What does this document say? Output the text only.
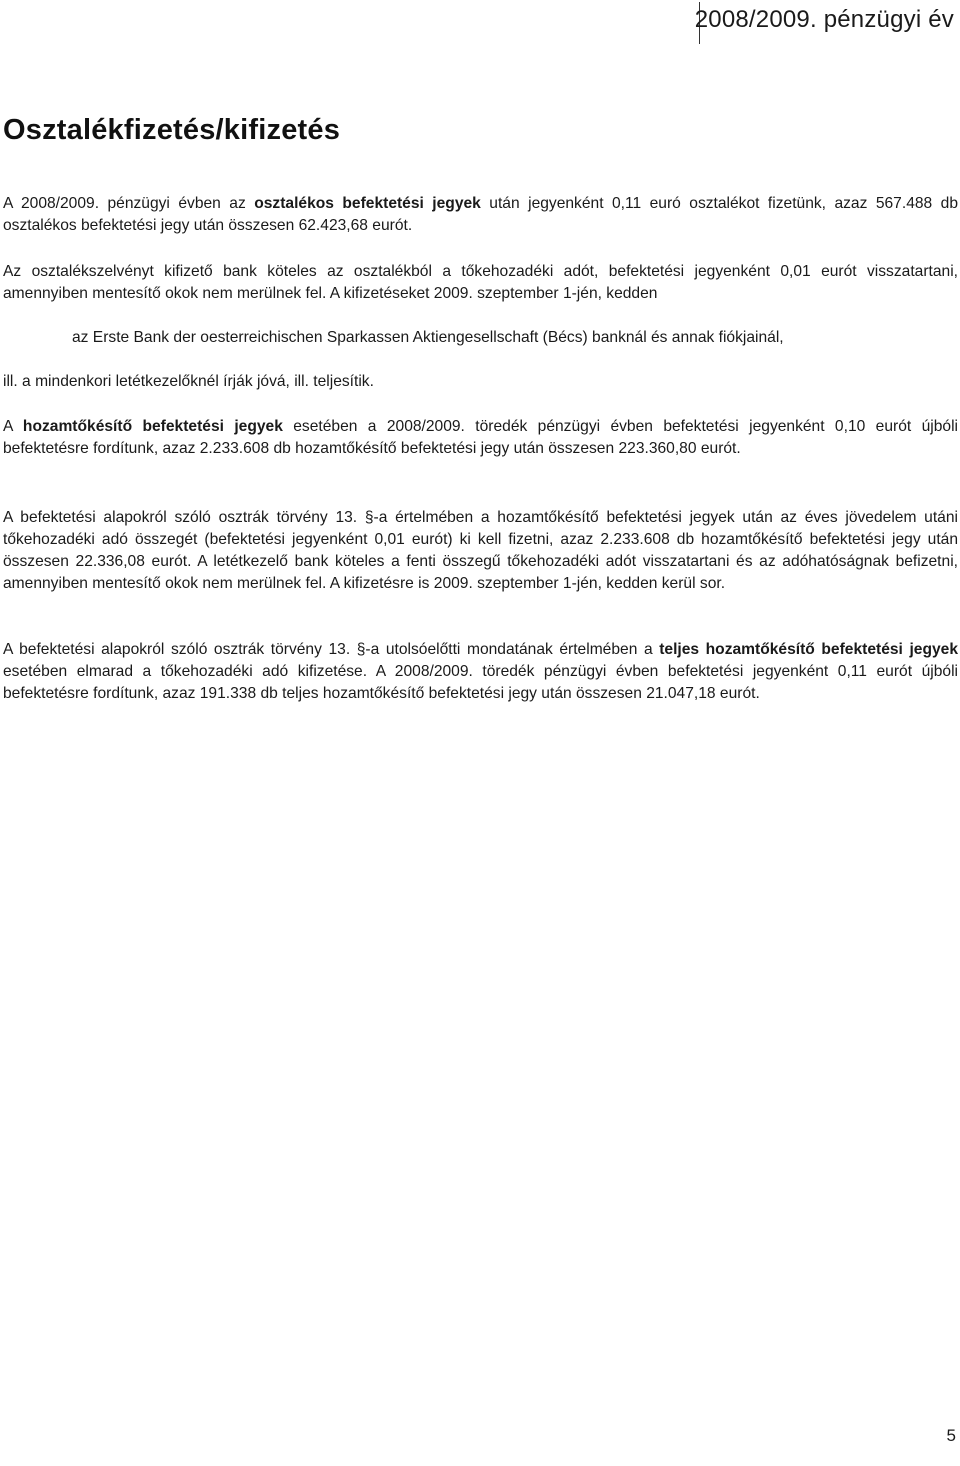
2008/2009. pénzügyi év
Osztalékfizetés/kifizetés

A 2008/2009. pénzügyi évben az osztalékos befektetési jegyek után jegyenként 0,11 euró osztalékot fizetünk, azaz 567.488 db osztalékos befektetési jegy után összesen 62.423,68 eurót.

Az osztalékszelvényt kifizető bank köteles az osztalékból a tőkehozadéki adót, befektetési jegyenként 0,01 eurót visszatartani, amennyiben mentesítő okok nem merülnek fel. A kifizetéseket 2009. szeptember 1-jén, kedden

az Erste Bank der oesterreichischen Sparkassen Aktiengesellschaft (Bécs) banknál és annak fiókjainál,

ill. a mindenkori letétkezelőknél írják jóvá, ill. teljesítik.

A hozamtőkésítő befektetési jegyek esetében a 2008/2009. töredék pénzügyi évben befektetési jegyenként 0,10 eurót újbóli befektetésre fordítunk, azaz 2.233.608 db hozamtőkésítő befektetési jegy után összesen 223.360,80 eurót.

A befektetési alapokról szóló osztrák törvény 13. §-a értelmében a hozamtőkésítő befektetési jegyek után az éves jövedelem utáni tőkehozadéki adó összegét (befektetési jegyenként 0,01 eurót) ki kell fizetni, azaz 2.233.608 db hozamtőkésítő befektetési jegy után összesen 22.336,08 eurót. A letétkezelő bank köteles a fenti összegű tőkehozadéki adót visszatartani és az adóhatóságnak befizetni, amennyiben mentesítő okok nem merülnek fel. A kifizetésre is 2009. szeptember 1-jén, kedden kerül sor.

A befektetési alapokról szóló osztrák törvény 13. §-a utolsóelőtti mondatának értelmében a teljes hozamtőkésítő befektetési jegyek esetében elmarad a tőkehozadéki adó kifizetése. A 2008/2009. töredék pénzügyi évben befektetési jegyenként 0,11 eurót újbóli befektetésre fordítunk, azaz 191.338 db teljes hozamtőkésítő befektetési jegy után összesen 21.047,18 eurót.

5
